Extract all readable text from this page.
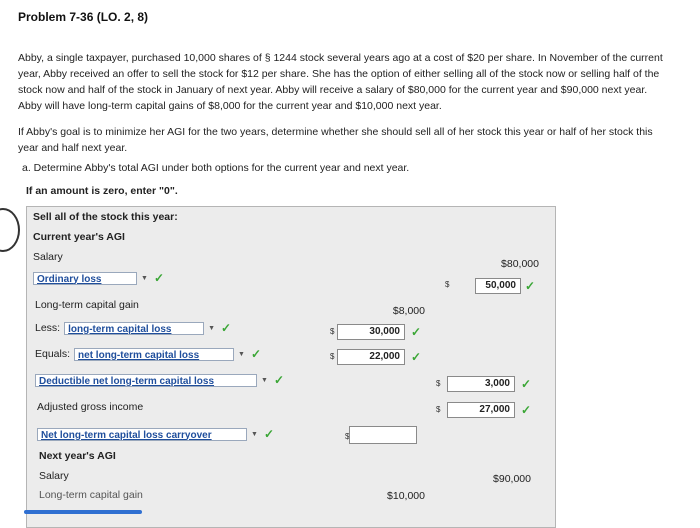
Problem 7-36 (LO. 2, 8)
Abby, a single taxpayer, purchased 10,000 shares of § 1244 stock several years ago at a cost of $20 per share. In November of the current
year, Abby received an offer to sell the stock for $12 per share. She has the option of either selling all of the stock now or selling half of the
stock now and half of the stock in January of next year. Abby will receive a salary of $80,000 for the current year and $90,000 next year.
Abby will have long-term capital gains of $8,000 for the current year and $10,000 next year.
If Abby's goal is to minimize her AGI for the two years, determine whether she should sell all of her stock this year or half of her stock this
year and half next year.
a. Determine Abby's total AGI under both options for the current year and next year.
If an amount is zero, enter "0".
Sell all of the stock this year:
Current year's AGI
Salary
$80,000
Ordinary loss	▼ ✓	$	50,000 ✓
Long-term capital gain	$8,000
Less: long-term capital loss	▼ ✓	$	30,000 ✓
Equals: net long-term capital loss	▼ ✓	$	22,000 ✓
Deductible net long-term capital loss	▼ ✓	$	3,000 ✓
Adjusted gross income	$	27,000 ✓
Net long-term capital loss carryover	▼ ✓	$
Next year's AGI
Salary	$90,000
Long-term capital gain	$10,000
